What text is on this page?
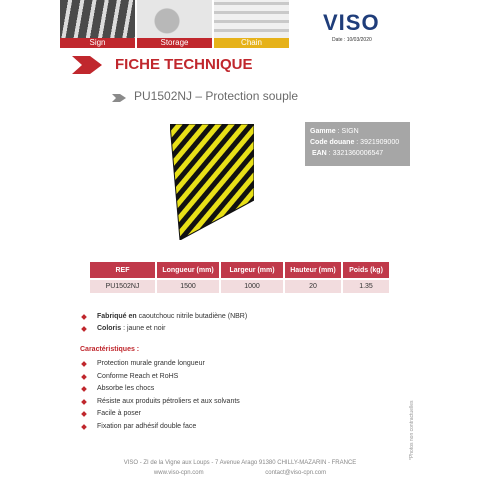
Sign	Storage	Chain
VISO
Date : 10/03/2020
FICHE TECHNIQUE
PU1502NJ – Protection souple
Gamme : SIGN
Code douane : 3921909000
EAN : 3321360006547
REF	Longueur (mm)	Largeur (mm)	Hauteur (mm)	Poids (kg)
PU1502NJ	1500	1000	20	1.35
Fabriqué en caoutchouc nitrile butadiène (NBR)
Coloris : jaune et noir
Caractéristiques :
Protection murale grande longueur
Conforme Reach et RoHS
Absorbe les chocs
Résiste aux produits pétroliers et aux solvants
Facile à poser
Fixation par adhésif double face	*Photos non contractuelles
VISO - ZI de la Vigne aux Loups - 7 Avenue Arago 91380 CHILLY-MAZARIN - FRANCE
www.viso-cpn.com	contact@viso-cpn.com
